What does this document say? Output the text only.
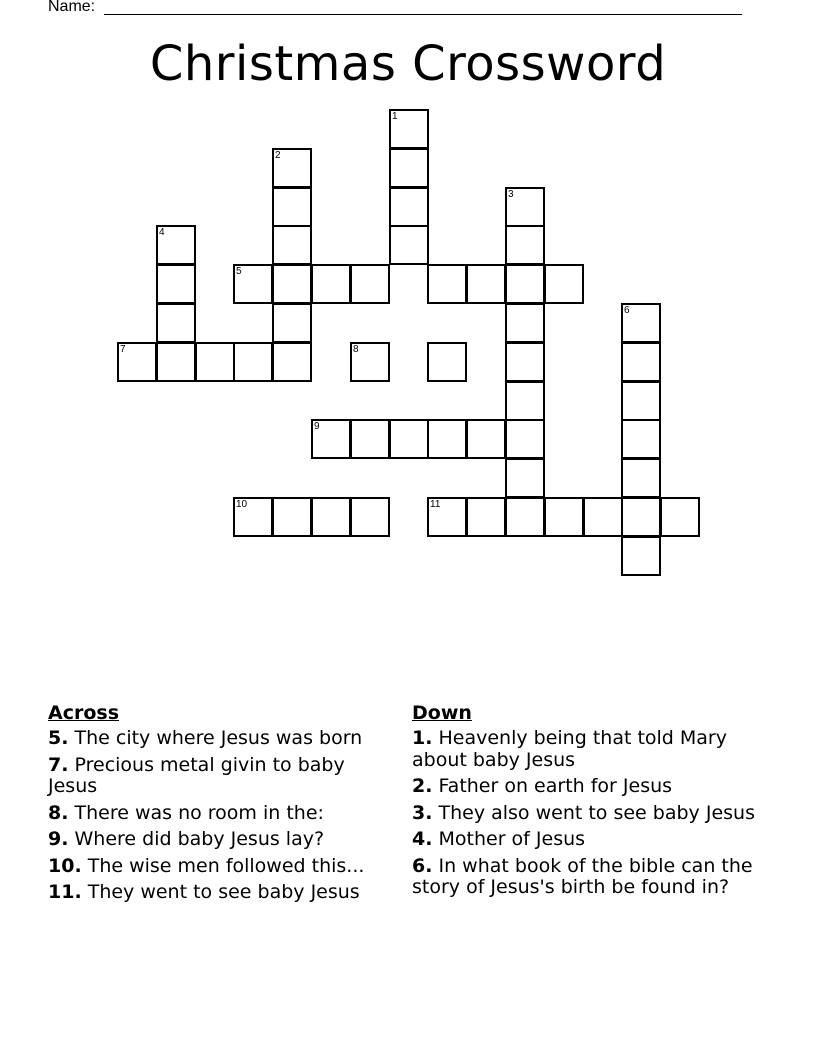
Name:
Christmas Crossword
1
2
3
4
5
6
7	8
9
10	11
Across
5. The city where Jesus was born
7. Precious metal givin to baby Jesus
8. There was no room in the:
9. Where did baby Jesus lay?
10. The wise men followed this...
11. They went to see baby Jesus
Down
1. Heavenly being that told Mary about baby Jesus
2. Father on earth for Jesus
3. They also went to see baby Jesus
4. Mother of Jesus
6. In what book of the bible can the story of Jesus's birth be found in?
